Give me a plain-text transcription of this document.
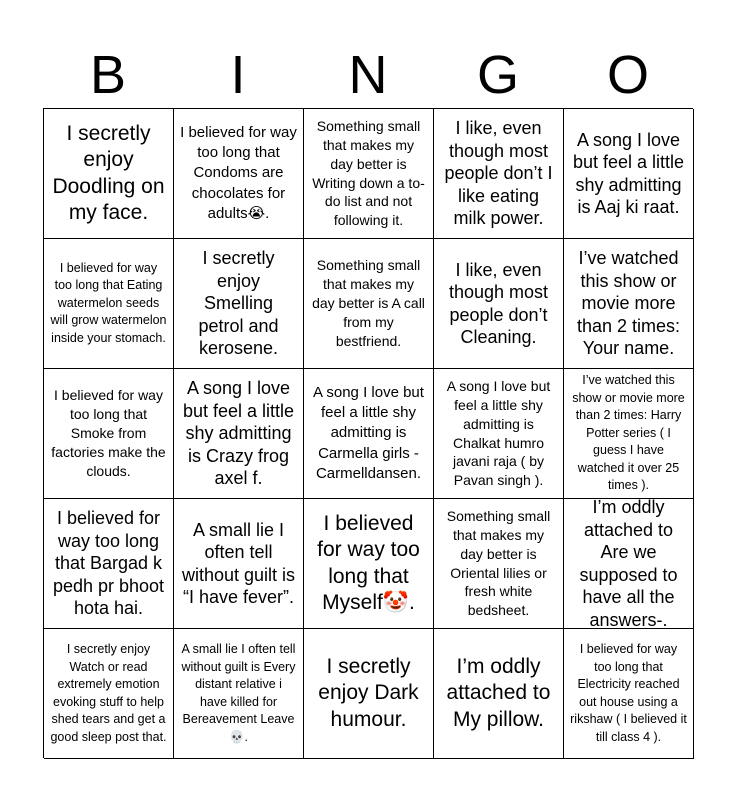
B	I	N	G	O
I secretly enjoy Doodling on my face.
I believed for way too long that Condoms are chocolates for adults😭.
Something small that makes my day better is Writing down a to-do list and not following it.
I like, even though most people don’t I like eating milk power.
A song I love but feel a little shy admitting is Aaj ki raat.
I believed for way too long that Eating watermelon seeds will grow watermelon inside your stomach.
I secretly enjoy Smelling petrol and kerosene.
Something small that makes my day better is A call from my bestfriend.
I like, even though most people don’t Cleaning.
I’ve watched this show or movie more than 2 times: Your name.
I believed for way too long that Smoke from factories make the clouds.
A song I love but feel a little shy admitting is Crazy frog axel f.
A song I love but feel a little shy admitting is Carmella girls - Carmelldansen.
A song I love but feel a little shy admitting is Chalkat humro javani raja ( by Pavan singh ).
I’ve watched this show or movie more than 2 times: Harry Potter series ( I guess I have watched it over 25 times ).
I believed for way too long that Bargad k pedh pr bhoot hota hai.
A small lie I often tell without guilt is “I have fever”.
I believed for way too long that Myself🤡.
Something small that makes my day better is Oriental lilies or fresh white bedsheet.
I’m oddly attached to Are we supposed to have all the answers-.
I secretly enjoy Watch or read extremely emotion evoking stuff to help shed tears and get a good sleep post that.
A small lie I often tell without guilt is Every distant relative i have killed for Bereavement Leave💀.
I secretly enjoy Dark humour.
I’m oddly attached to My pillow.
I believed for way too long that Electricity reached out house using a rikshaw ( I believed it till class 4 ).
